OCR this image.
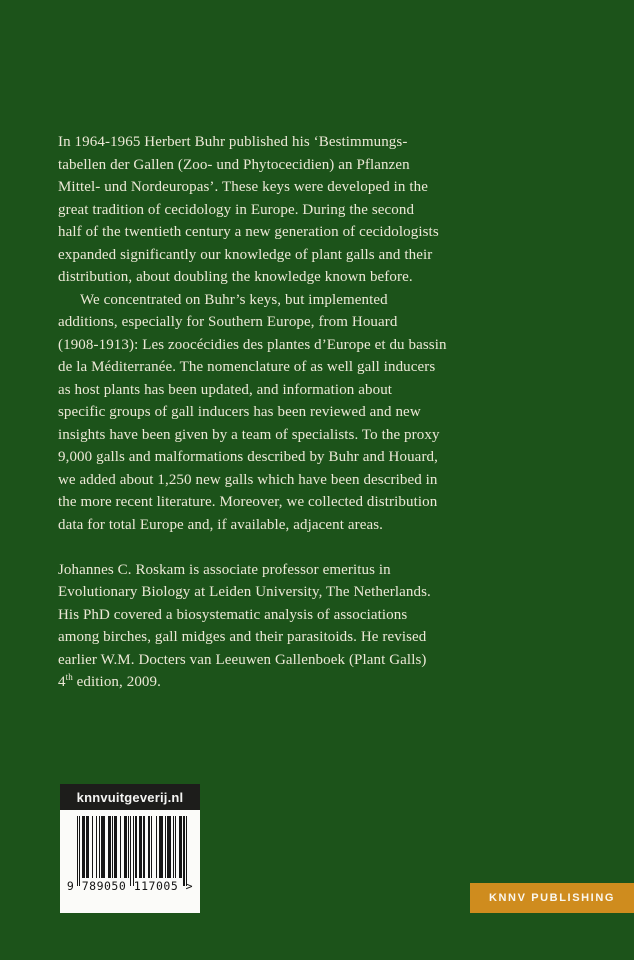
In 1964-1965 Herbert Buhr published his ‘Bestimmungs-
tabellen der Gallen (Zoo- und Phytocecidien) an Pflanzen
Mittel- und Nordeuropas’. These keys were developed in the
great tradition of cecidology in Europe. During the second
half of the twentieth century a new generation of cecidologists
expanded significantly our knowledge of plant galls and their
distribution, about doubling the knowledge known before.
We concentrated on Buhr’s keys, but implemented
additions, especially for Southern Europe, from Houard
(1908-1913): Les zoocécidies des plantes d’Europe et du bassin
de la Méditerranée. The nomenclature of as well gall inducers
as host plants has been updated, and information about
specific groups of gall inducers has been reviewed and new
insights have been given by a team of specialists. To the proxy
9,000 galls and malformations described by Buhr and Houard,
we added about 1,250 new galls which have been described in
the more recent literature. Moreover, we collected distribution
data for total Europe and, if available, adjacent areas.
Johannes C. Roskam is associate professor emeritus in
Evolutionary Biology at Leiden University, The Netherlands.
His PhD covered a biosystematic analysis of associations
among birches, gall midges and their parasitoids. He revised
earlier W.M. Docters van Leeuwen Gallenboek (Plant Galls)
4th edition, 2009.
knnvuitgeverij.nl
9 789050 117005 >
KNNV PUBLISHING
